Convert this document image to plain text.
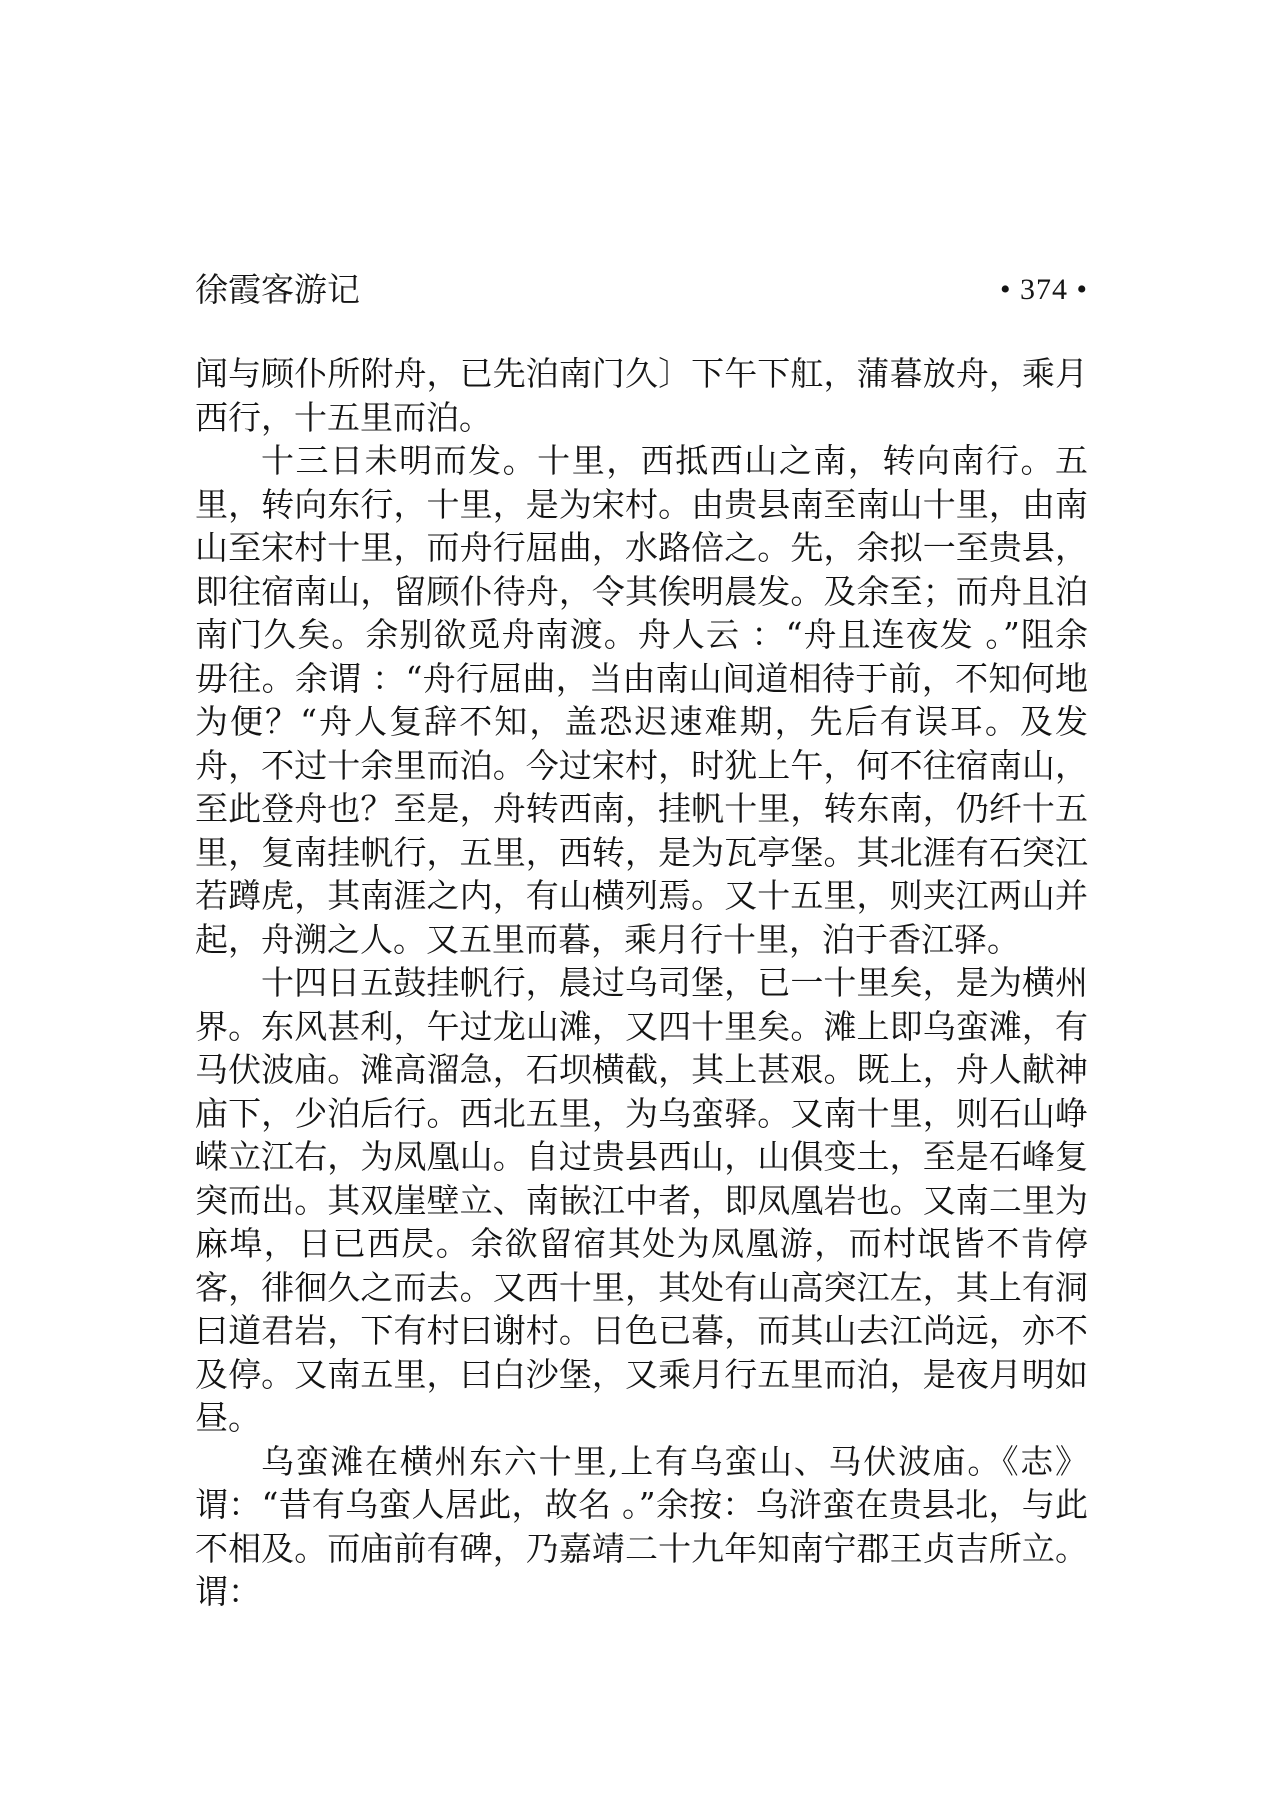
徐霞客游记	• 374 •

闻与顾仆所附舟，已先泊南门久〕下午下舡，蒲暮放舟，乘月西行，十五里而泊。

十三日未明而发。十里，西抵西山之南，转向南行。五里，转向东行，十里，是为宋村。由贵县南至南山十里，由南山至宋村十里，而舟行屈曲，水路倍之。先，余拟一至贵县，即往宿南山，留顾仆待舟，令其俟明晨发。及余至；而舟且泊南门久矣。余别欲觅舟南渡。舟人云 ：“舟且连夜发 。”阻余毋往。余谓 ：“舟行屈曲，当由南山间道相待于前，不知何地为便？“舟人复辞不知，盖恐迟速难期，先后有误耳。及发舟，不过十余里而泊。今过宋村，时犹上午，何不往宿南山，至此登舟也？至是，舟转西南，挂帆十里，转东南，仍纤十五里，复南挂帆行，五里，西转，是为瓦亭堡。其北涯有石突江若蹲虎，其南涯之内，有山横列焉。又十五里，则夹江两山并起，舟溯之人。又五里而暮，乘月行十里，泊于香江驿。

十四日五鼓挂帆行，晨过乌司堡，已一十里矣，是为横州界。东风甚利，午过龙山滩，又四十里矣。滩上即乌蛮滩，有马伏波庙。滩高溜急，石坝横截，其上甚艰。既上，舟人献神庙下，少泊后行。西北五里，为乌蛮驿。又南十里，则石山峥嵘立江右，为凤凰山。自过贵县西山，山俱变土，至是石峰复突而出。其双崖壁立、南嵌江中者，即凤凰岩也。又南二里为麻埠，日已西昃。余欲留宿其处为凤凰游，而村氓皆不肯停客，徘徊久之而去。又西十里，其处有山高突江左，其上有洞曰道君岩，下有村曰谢村。日色已暮，而其山去江尚远，亦不及停。又南五里，曰白沙堡，又乘月行五里而泊，是夜月明如昼。

乌蛮滩在横州东六十里,上有乌蛮山、马伏波庙。《志》谓：“昔有乌蛮人居此，故名 。”余按：乌浒蛮在贵县北，与此不相及。而庙前有碑，乃嘉靖二十九年知南宁郡王贞吉所立。谓：
